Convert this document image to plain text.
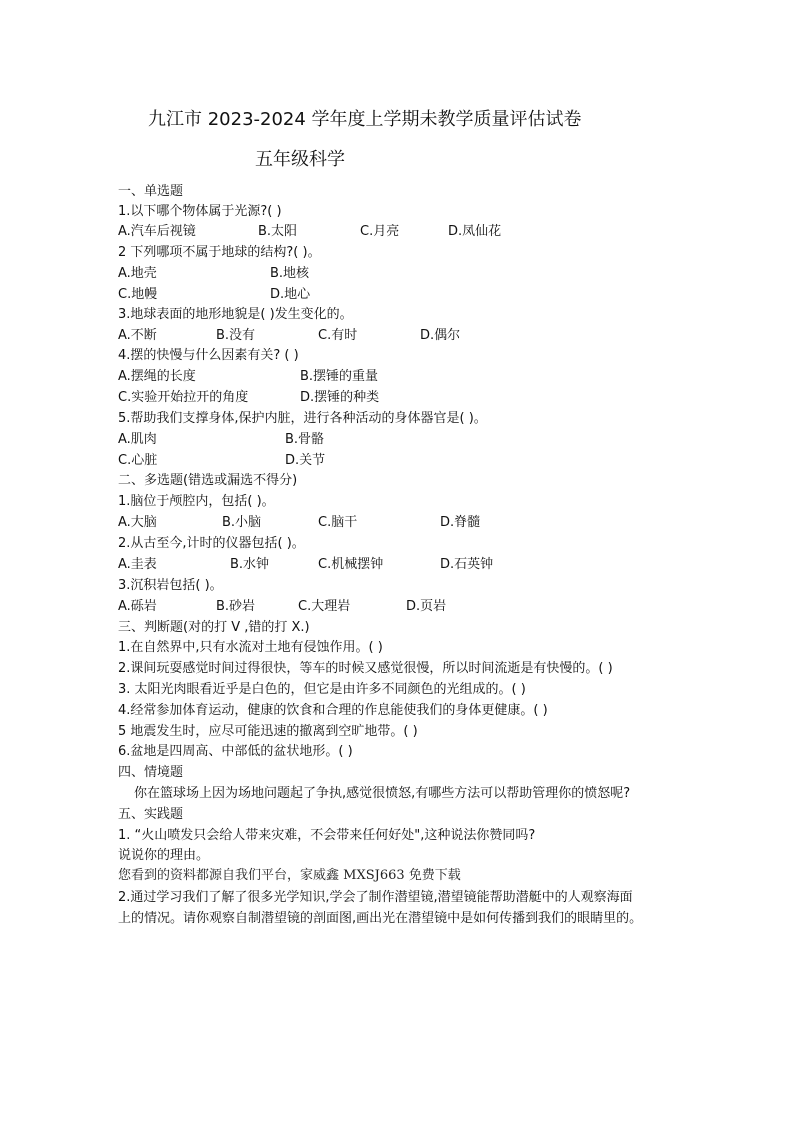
九江市 2023-2024 学年度上学期未教学质量评估试卷
五年级科学
一、单选题
1.以下哪个物体属于光源?( )
A.汽车后视镜	B.太阳	C.月亮	D.凤仙花
2 下列哪项不属于地球的结构?( )。
A.地壳	B.地核
C.地幔	D.地心
3.地球表面的地形地貌是( )发生变化的。
A.不断	B.没有	C.有时	D.偶尔
4.摆的快慢与什么因素有关? ( )
A.摆绳的长度	B.摆锤的重量
C.实验开始拉开的角度	D.摆锤的种类
5.帮助我们支撑身体,保护内脏，进行各种活动的身体器官是( )。
A.肌肉	B.骨骼
C.心脏	D.关节
二、多选题(错选或漏选不得分)
1.脑位于颅腔内，包括( )。
A.大脑	B.小脑	C.脑干	D.脊髓
2.从古至今,计时的仪器包括( )。
A.圭表	B.水钟	C.机械摆钟	D.石英钟
3.沉积岩包括( )。
A.砾岩	B.砂岩	C.大理岩	D.页岩
三、判断题(对的打 V ,错的打 X.)
1.在自然界中,只有水流对土地有侵蚀作用。( )
2.课间玩耍感觉时间过得很快，等车的时候又感觉很慢，所以时间流逝是有快慢的。( )
3. 太阳光肉眼看近乎是白色的，但它是由许多不同颜色的光组成的。( )
4.经常参加体育运动，健康的饮食和合理的作息能使我们的身体更健康。( )
5 地震发生时，应尽可能迅速的撤离到空旷地带。( )
6.盆地是四周高、中部低的盆状地形。( )
四、情境题
你在篮球场上因为场地问题起了争执,感觉很愤怒,有哪些方法可以帮助管理你的愤怒呢?
五、实践题
1. “火山喷发只会给人带来灾难，不会带来任何好处",这种说法你赞同吗?
说说你的理由。
您看到的资料都源自我们平台，家威鑫 MXSJ663 免费下载
2.通过学习我们了解了很多光学知识,学会了制作潜望镜,潜望镜能帮助潜艇中的人观察海面
上的情况。请你观察自制潜望镜的剖面图,画出光在潜望镜中是如何传播到我们的眼睛里的。
